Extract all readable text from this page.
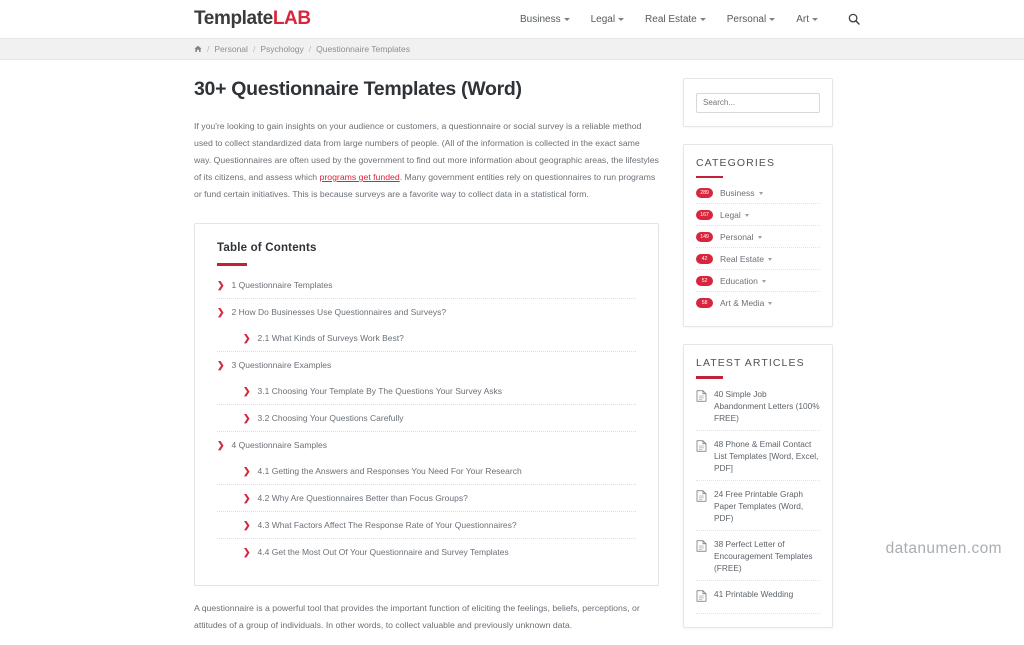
TemplateLAB	Business	Legal	Real Estate	Personal	Art
/ Personal / Psychology / Questionnaire Templates
30+ Questionnaire Templates (Word)

If you're looking to gain insights on your audience or customers, a questionnaire or social survey is a reliable method used to collect standardized data from large numbers of people. (All of the information is collected in the exact same way. Questionnaires are often used by the government to find out more information about geographic areas, the lifestyles of its citizens, and assess which programs get funded. Many government entities rely on questionnaires to run programs or fund certain initiatives. This is because surveys are a favorite way to collect data in a statistical form.

Table of Contents
❯ 1 Questionnaire Templates
❯ 2 How Do Businesses Use Questionnaires and Surveys?
❯ 2.1 What Kinds of Surveys Work Best?
❯ 3 Questionnaire Examples
❯ 3.1 Choosing Your Template By The Questions Your Survey Asks
❯ 3.2 Choosing Your Questions Carefully
❯ 4 Questionnaire Samples
❯ 4.1 Getting the Answers and Responses You Need For Your Research
❯ 4.2 Why Are Questionnaires Better than Focus Groups?
❯ 4.3 What Factors Affect The Response Rate of Your Questionnaires?
❯ 4.4 Get the Most Out Of Your Questionnaire and Survey Templates

A questionnaire is a powerful tool that provides the important function of eliciting the feelings, beliefs, perceptions, or attitudes of a group of individuals. In other words, to collect valuable and previously unknown data.

Search...
CATEGORIES
289	Business
167	Legal
149	Personal
42	Real Estate
52	Education
58	Art & Media
LATEST ARTICLES
40 Simple Job Abandonment Letters (100% FREE)
48 Phone & Email Contact List Templates [Word, Excel, PDF]
24 Free Printable Graph Paper Templates (Word, PDF)
38 Perfect Letter of Encouragement Templates (FREE)
41 Printable Wedding
datanumen.com
